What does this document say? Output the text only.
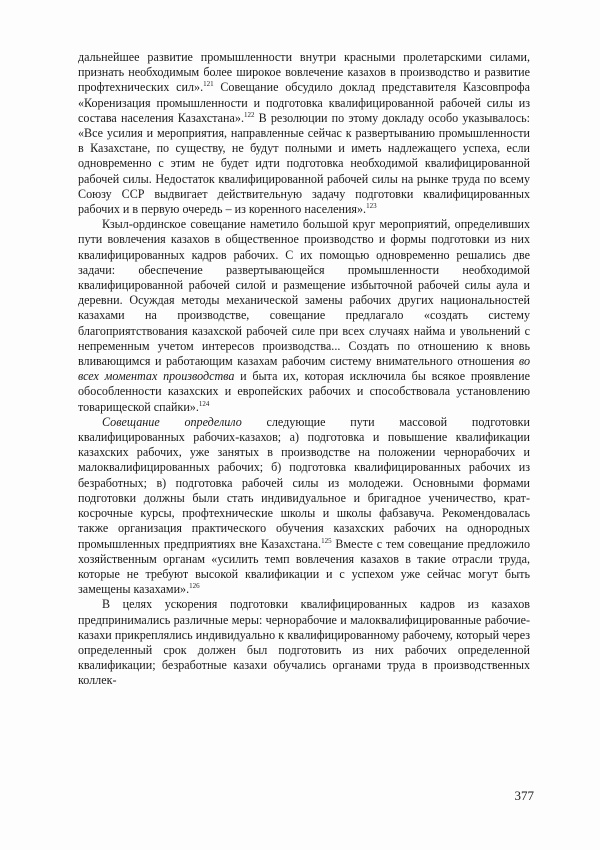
дальнейшее развитие промышленности внутри красными пролетарскими силами, признать необходимым более широкое вовлечение казахов в производство и развитие профтехнических сил».$^{121}$ Совещание обсудило доклад представителя Казсовпрофа «Коренизация промышленности и подготовка квалифицированной рабочей силы из состава населения Казахстана».$^{122}$ В резолюции по этому докладу особо указывалось: «Все усилия и мероприятия, направленные сейчас к развертыванию промышленности в Казахстане, по существу, не будут полными и иметь надлежащего успеха, если одновременно с этим не будет идти подготовка необходимой квалифицированной рабочей силы. Недостаток квалифицированной рабочей силы на рынке труда по всему Союзу ССР выдвигает действительную задачу подготовки квалифицированных рабочих и в первую очередь – из коренного населения».$^{123}$

Кзыл-ординское совещание наметило большой круг мероприятий, определивших пути вовлечения казахов в общественное производство и формы подготовки из них квалифицированных кадров рабочих. С их помощью одновременно решались две задачи: обеспечение развертывающейся промышленности необходимой квалифицированной рабочей силой и размещение избыточной рабочей силы аула и деревни. Осуждая методы механической замены рабочих других национальностей казахами на производстве, совещание предлагало «создать систему благоприятствования казахской рабочей силе при всех случаях найма и увольнений с непременным учетом интересов производства... Создать по отношению к вновь вливающимся и работающим казахам рабочим систему внимательного отношения во всех моментах производства и быта их, которая исключила бы всякое проявление обособленности казахских и европейских рабочих и способствовала установлению товарищеской спайки».$^{124}$

Совещание определило следующие пути массовой подготовки квалифицированных рабочих-казахов; а) подготовка и повышение квалификации казахских рабочих, уже занятых в производстве на положении чернорабочих и малоквалифицированных рабочих; б) подготовка квалифицированных рабочих из безработных; в) подготовка рабочей силы из молодежи. Основными формами подготовки должны были стать индивидуальное и бригадное ученичество, краткосрочные курсы, профтехнические школы и школы фабзавуча. Рекомендовалась также организация практического обучения казахских рабочих на однородных промышленных предприятиях вне Казахстана.$^{125}$ Вместе с тем совещание предложило хозяйственным органам «усилить темп вовлечения казахов в такие отрасли труда, которые не требуют высокой квалификации и с успехом уже сейчас могут быть замещены казахами».$^{126}$

В целях ускорения подготовки квалифицированных кадров из казахов предпринимались различные меры: чернорабочие и малоквалифицированные рабочие-казахи прикреплялись индивидуально к квалифицированному рабочему, который через определенный срок должен был подготовить из них рабочих определенной квалификации; безработные казахи обучались органами труда в производственных коллек-

377
